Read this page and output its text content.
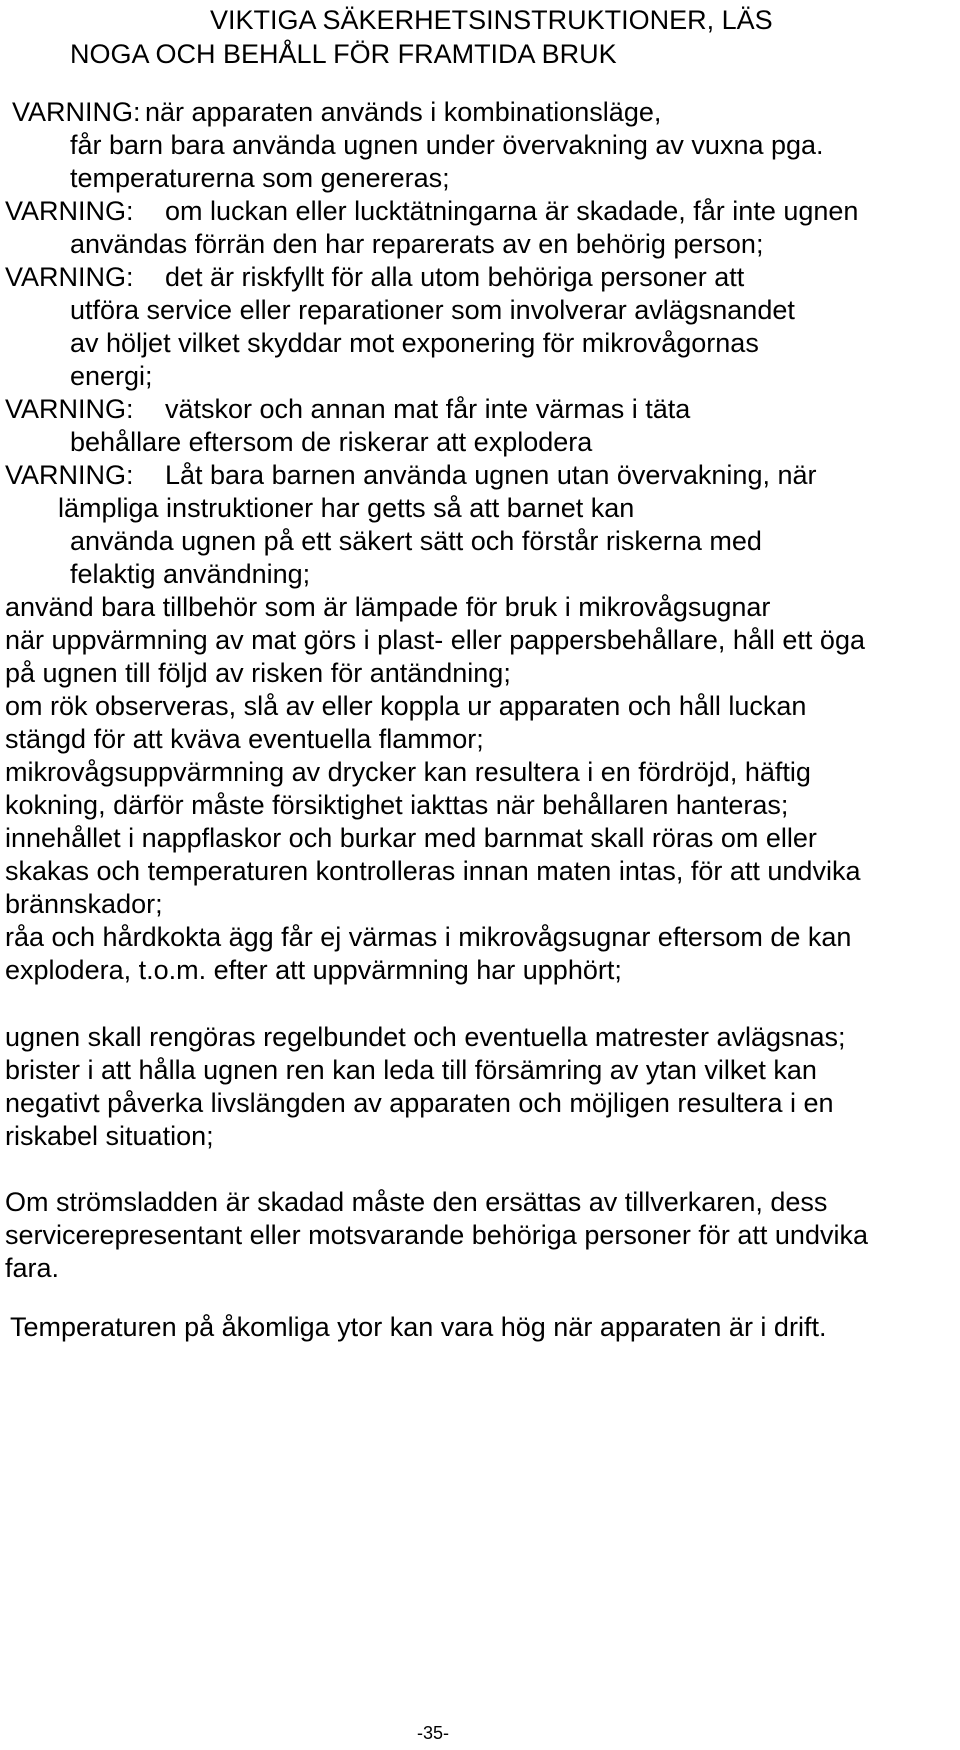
VIKTIGA SÄKERHETSINSTRUKTIONER, LÄS
NOGA OCH BEHÅLL FÖR FRAMTIDA BRUK
VARNING: när apparaten används i kombinationsläge,
får barn bara använda ugnen under övervakning av vuxna pga.
temperaturerna som genereras;
VARNING: om luckan eller lucktätningarna är skadade, får inte ugnen
användas förrän den har reparerats av en behörig person;
VARNING: det är riskfyllt för alla utom behöriga personer att
utföra service eller reparationer som involverar avlägsnandet
av höljet vilket skyddar mot exponering för mikrovågornas
energi;
VARNING: vätskor och annan mat får inte värmas i täta
behållare eftersom de riskerar att explodera
VARNING: Låt bara barnen använda ugnen utan övervakning, när
lämpliga instruktioner har getts så att barnet kan
använda ugnen på ett säkert sätt och förstår riskerna med
felaktig användning;
använd bara tillbehör som är lämpade för bruk i mikrovågsugnar
när uppvärmning av mat görs i plast- eller pappersbehållare, håll ett öga
på ugnen till följd av risken för antändning;
om rök observeras, slå av eller koppla ur apparaten och håll luckan
stängd för att kväva eventuella flammor;
mikrovågsuppvärmning av drycker kan resultera i en fördröjd, häftig
kokning, därför måste försiktighet iakttas när behållaren hanteras;
innehållet i nappflaskor och burkar med barnmat skall röras om eller
skakas och temperaturen kontrolleras innan maten intas, för att undvika
brännskador;
råa och hårdkokta ägg får ej värmas i mikrovågsugnar eftersom de kan
explodera, t.o.m. efter att uppvärmning har upphört;
ugnen skall rengöras regelbundet och eventuella matrester avlägsnas;
brister i att hålla ugnen ren kan leda till försämring av ytan vilket kan
negativt påverka livslängden av apparaten och möjligen resultera i en
riskabel situation;
Om strömsladden är skadad måste den ersättas av tillverkaren, dess
servicerepresentant eller motsvarande behöriga personer för att undvika
fara.
Temperaturen på åkomliga ytor kan vara hög när apparaten är i drift.
-35-
